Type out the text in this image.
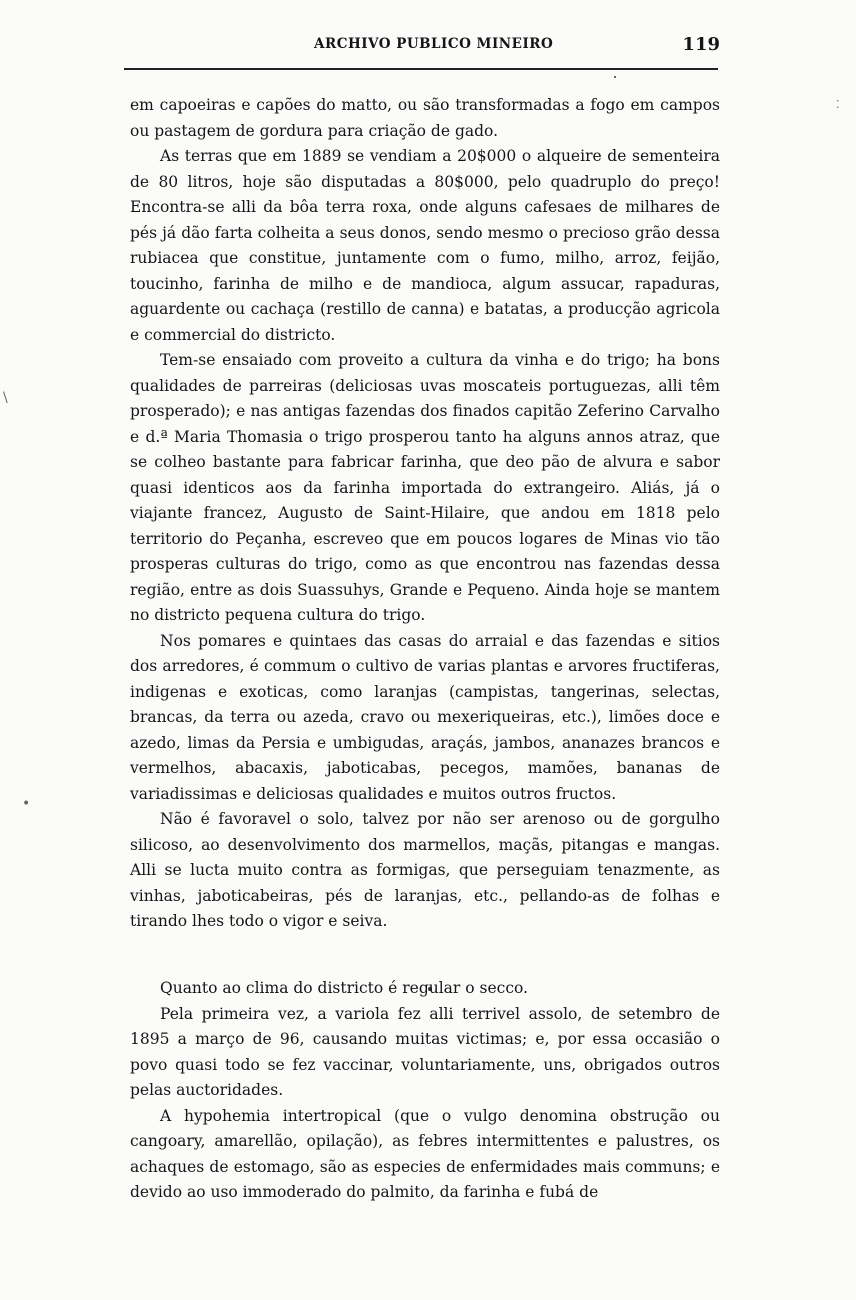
ARCHIVO PUBLICO MINEIRO	119

em capoeiras e capões do matto, ou são transformadas a fogo em campos ou pastagem de gordura para criação de gado.

As terras que em 1889 se vendiam a 20$000 o alqueire de sementeira de 80 litros, hoje são disputadas a 80$000, pelo quadruplo do preço! Encontra-se alli da bôa terra roxa, onde alguns cafesaes de milhares de pés já dão farta colheita a seus donos, sendo mesmo o precioso grão dessa rubiacea que constitue, juntamente com o fumo, milho, arroz, feijão, toucinho, farinha de milho e de mandioca, algum assucar, rapaduras, aguardente ou cachaça (restillo de canna) e batatas, a producção agricola e commercial do districto.

Tem-se ensaiado com proveito a cultura da vinha e do trigo; ha bons qualidades de parreiras (deliciosas uvas moscateis portuguezas, alli têm prosperado); e nas antigas fazendas dos finados capitão Zeferino Carvalho e d.ª Maria Thomasia o trigo prosperou tanto ha alguns annos atraz, que se colheo bastante para fabricar farinha, que deo pão de alvura e sabor quasi identicos aos da farinha importada do extrangeiro. Aliás, já o viajante francez, Augusto de Saint-Hilaire, que andou em 1818 pelo territorio do Peçanha, escreveo que em poucos logares de Minas vio tão prosperas culturas do trigo, como as que encontrou nas fazendas dessa região, entre as dois Suassuhys, Grande e Pequeno. Ainda hoje se mantem no districto pequena cultura do trigo.

Nos pomares e quintaes das casas do arraial e das fazendas e sitios dos arredores, é commum o cultivo de varias plantas e arvores fructiferas, indigenas e exoticas, como laranjas (campistas, tangerinas, selectas, brancas, da terra ou azeda, cravo ou mexeriqueiras, etc.), limões doce e azedo, limas da Persia e umbigudas, araçás, jambos, ananazes brancos e vermelhos, abacaxis, jaboticabas, pecegos, mamões, bananas de variadissimas e deliciosas qualidades e muitos outros fructos.

Não é favoravel o solo, talvez por não ser arenoso ou de gorgulho silicoso, ao desenvolvimento dos marmellos, maçãs, pitangas e mangas. Alli se lucta muito contra as formigas, que perseguiam tenazmente, as vinhas, jaboticabeiras, pés de laranjas, etc., pellando-as de folhas e tirando lhes todo o vigor e seiva.

Quanto ao clima do districto é regular o secco.

Pela primeira vez, a variola fez alli terrivel assolo, de setembro de 1895 a março de 96, causando muitas victimas; e, por essa occasião o povo quasi todo se fez vaccinar, voluntariamente, uns, obrigados outros pelas auctoridades.

A hypohemia intertropical (que o vulgo denomina obstrução ou cangoary, amarellão, opilação), as febres intermittentes e palustres, os achaques de estomago, são as especies de enfermidades mais communs; e devido ao uso immoderado do palmito, da farinha e fubá de

\
•
⁚
